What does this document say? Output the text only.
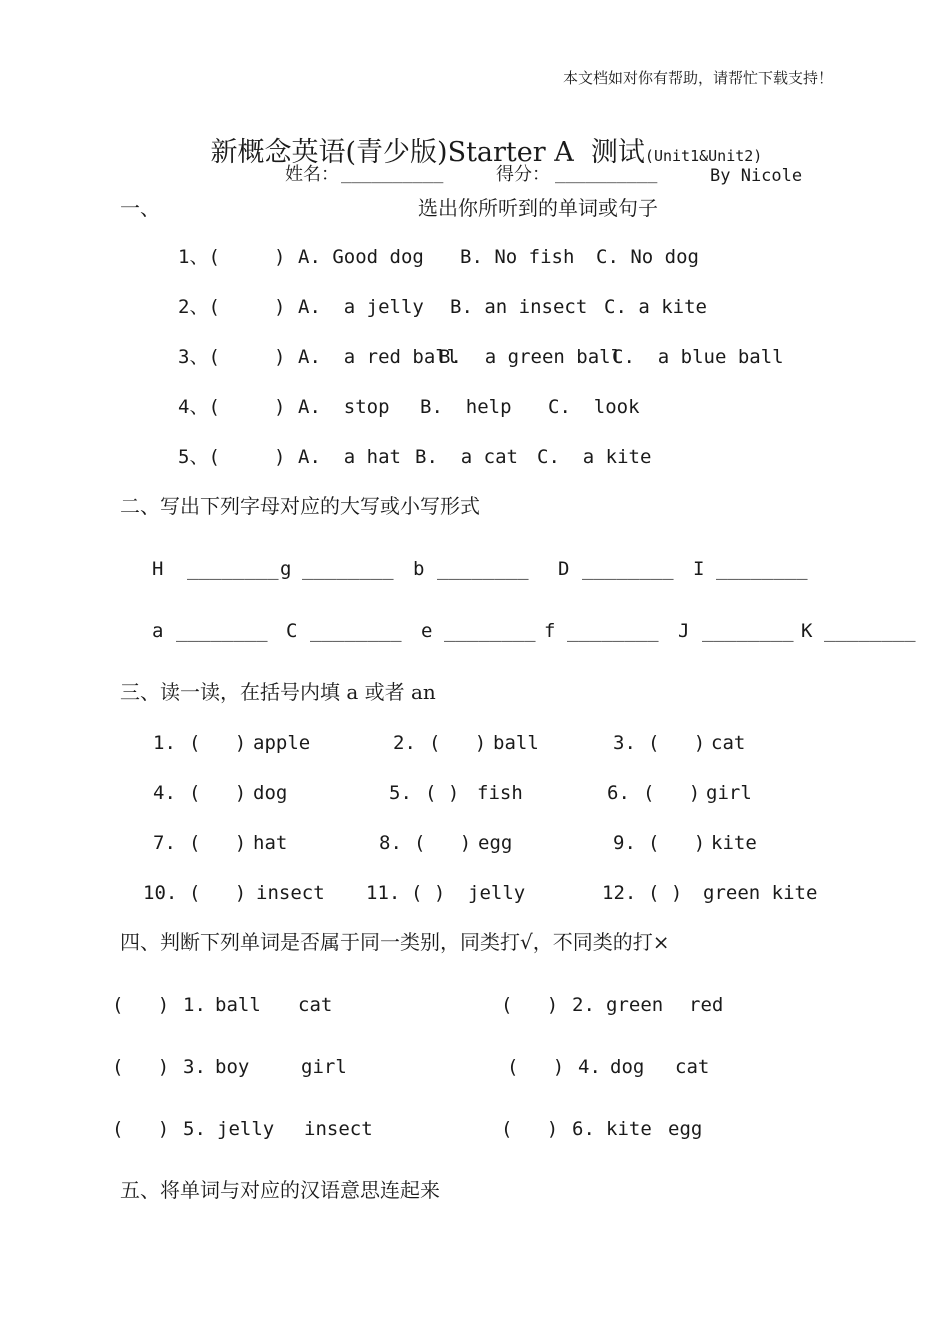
本文档如对你有帮助，请帮忙下载支持！

新概念英语(青少版)Starter A  测试(Unit1&Unit2)

姓名： __________	得分： __________	By Nicole
一、	选出你所听到的单词或句子
1、(	) A. Good dog B. No fish C. No dog
2、(	) A.  a jelly B. an insect C. a kite
3、(	) A.  a red ball
B.  a green ball
C.  a blue ball
4、(	) A.  stop B.  help C.  look
5、(	) A.  a hat B.  a cat C.  a kite
二、写出下列字母对应的大写或小写形式
H ________ g ________ b ________ D ________ I ________
a ________ C ________ e ________ f ________ J ________ K ________
三、读一读，在括号内填 a 或者 an
1. (   ) apple	2. (   ) ball	3. (   ) cat
4. (   ) dog	5. ( ) fish	6. (   ) girl
7. (   ) hat	8. (   ) egg	9. (   ) kite
10. (   ) insect 11. ( ) jelly	12. ( ) green kite
四、判断下列单词是否属于同一类别，同类打√，不同类的打×
(   ) 1. ball cat	(   ) 2. green red
(   ) 3. boy	girl	(   ) 4. dog cat
(   ) 5. jelly insect	(   ) 6. kite egg
五、将单词与对应的汉语意思连起来
